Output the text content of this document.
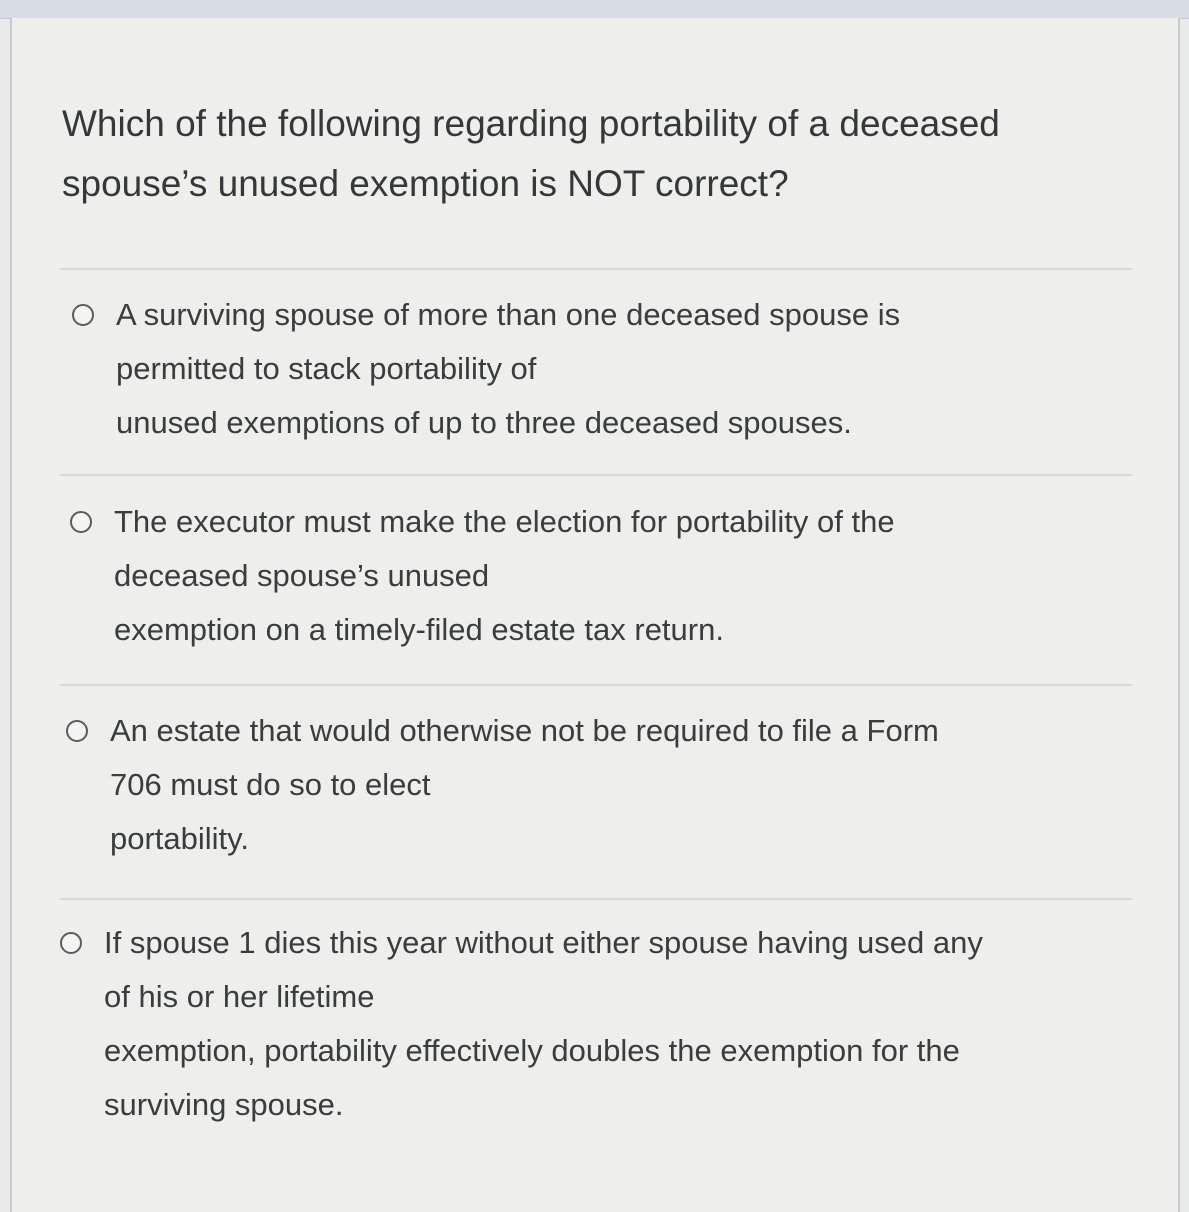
Which of the following regarding portability of a deceased
spouse’s unused exemption is NOT correct?
A surviving spouse of more than one deceased spouse is
permitted to stack portability of
unused exemptions of up to three deceased spouses.
The executor must make the election for portability of the
deceased spouse’s unused
exemption on a timely-filed estate tax return.
An estate that would otherwise not be required to file a Form
706 must do so to elect
portability.
If spouse 1 dies this year without either spouse having used any
of his or her lifetime
exemption, portability effectively doubles the exemption for the
surviving spouse.
